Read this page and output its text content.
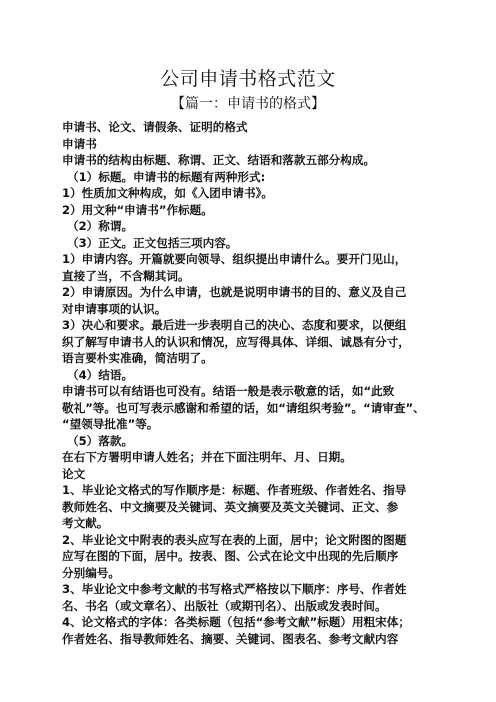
公司申请书格式范文
【篇一：申请书的格式】
申请书、论文、请假条、证明的格式
申请书
申请书的结构由标题、称谓、正文、结语和落款五部分构成。
（1）标题。申请书的标题有两种形式:
1）性质加文种构成，如《入团申请书》。
2）用文种“申请书”作标题。
（2）称谓。
（3）正文。正文包括三项内容。
1）申请内容。开篇就要向领导、组织提出申请什么。要开门见山，
直接了当，不含糊其词。
2）申请原因。为什么申请，也就是说明申请书的目的、意义及自己
对申请事项的认识。
3）决心和要求。最后进一步表明自己的决心、态度和要求，以便组
织了解写申请书人的认识和情况，应写得具体、详细、诚恳有分寸，
语言要朴实准确，简洁明了。
（4）结语。
申请书可以有结语也可没有。结语一般是表示敬意的话，如“此致
敬礼”等。也可写表示感谢和希望的话，如“请组织考验”。“请审查”、
“望领导批准”等。
（5）落款。
在右下方署明申请人姓名；并在下面注明年、月、日期。
论文
1、毕业论文格式的写作顺序是：标题、作者班级、作者姓名、指导
教师姓名、中文摘要及关键词、英文摘要及英文关键词、正文、参
考文献。
2、毕业论文中附表的表头应写在表的上面，居中；论文附图的图题
应写在图的下面，居中。按表、图、公式在论文中出现的先后顺序
分别编号。
3、毕业论文中参考文献的书写格式严格按以下顺序：序号、作者姓
名、书名（或文章名）、出版社（或期刊名）、出版或发表时间。
4、论文格式的字体：各类标题（包括“参考文献”标题）用粗宋体；
作者姓名、指导教师姓名、摘要、关键词、图表名、参考文献内容
